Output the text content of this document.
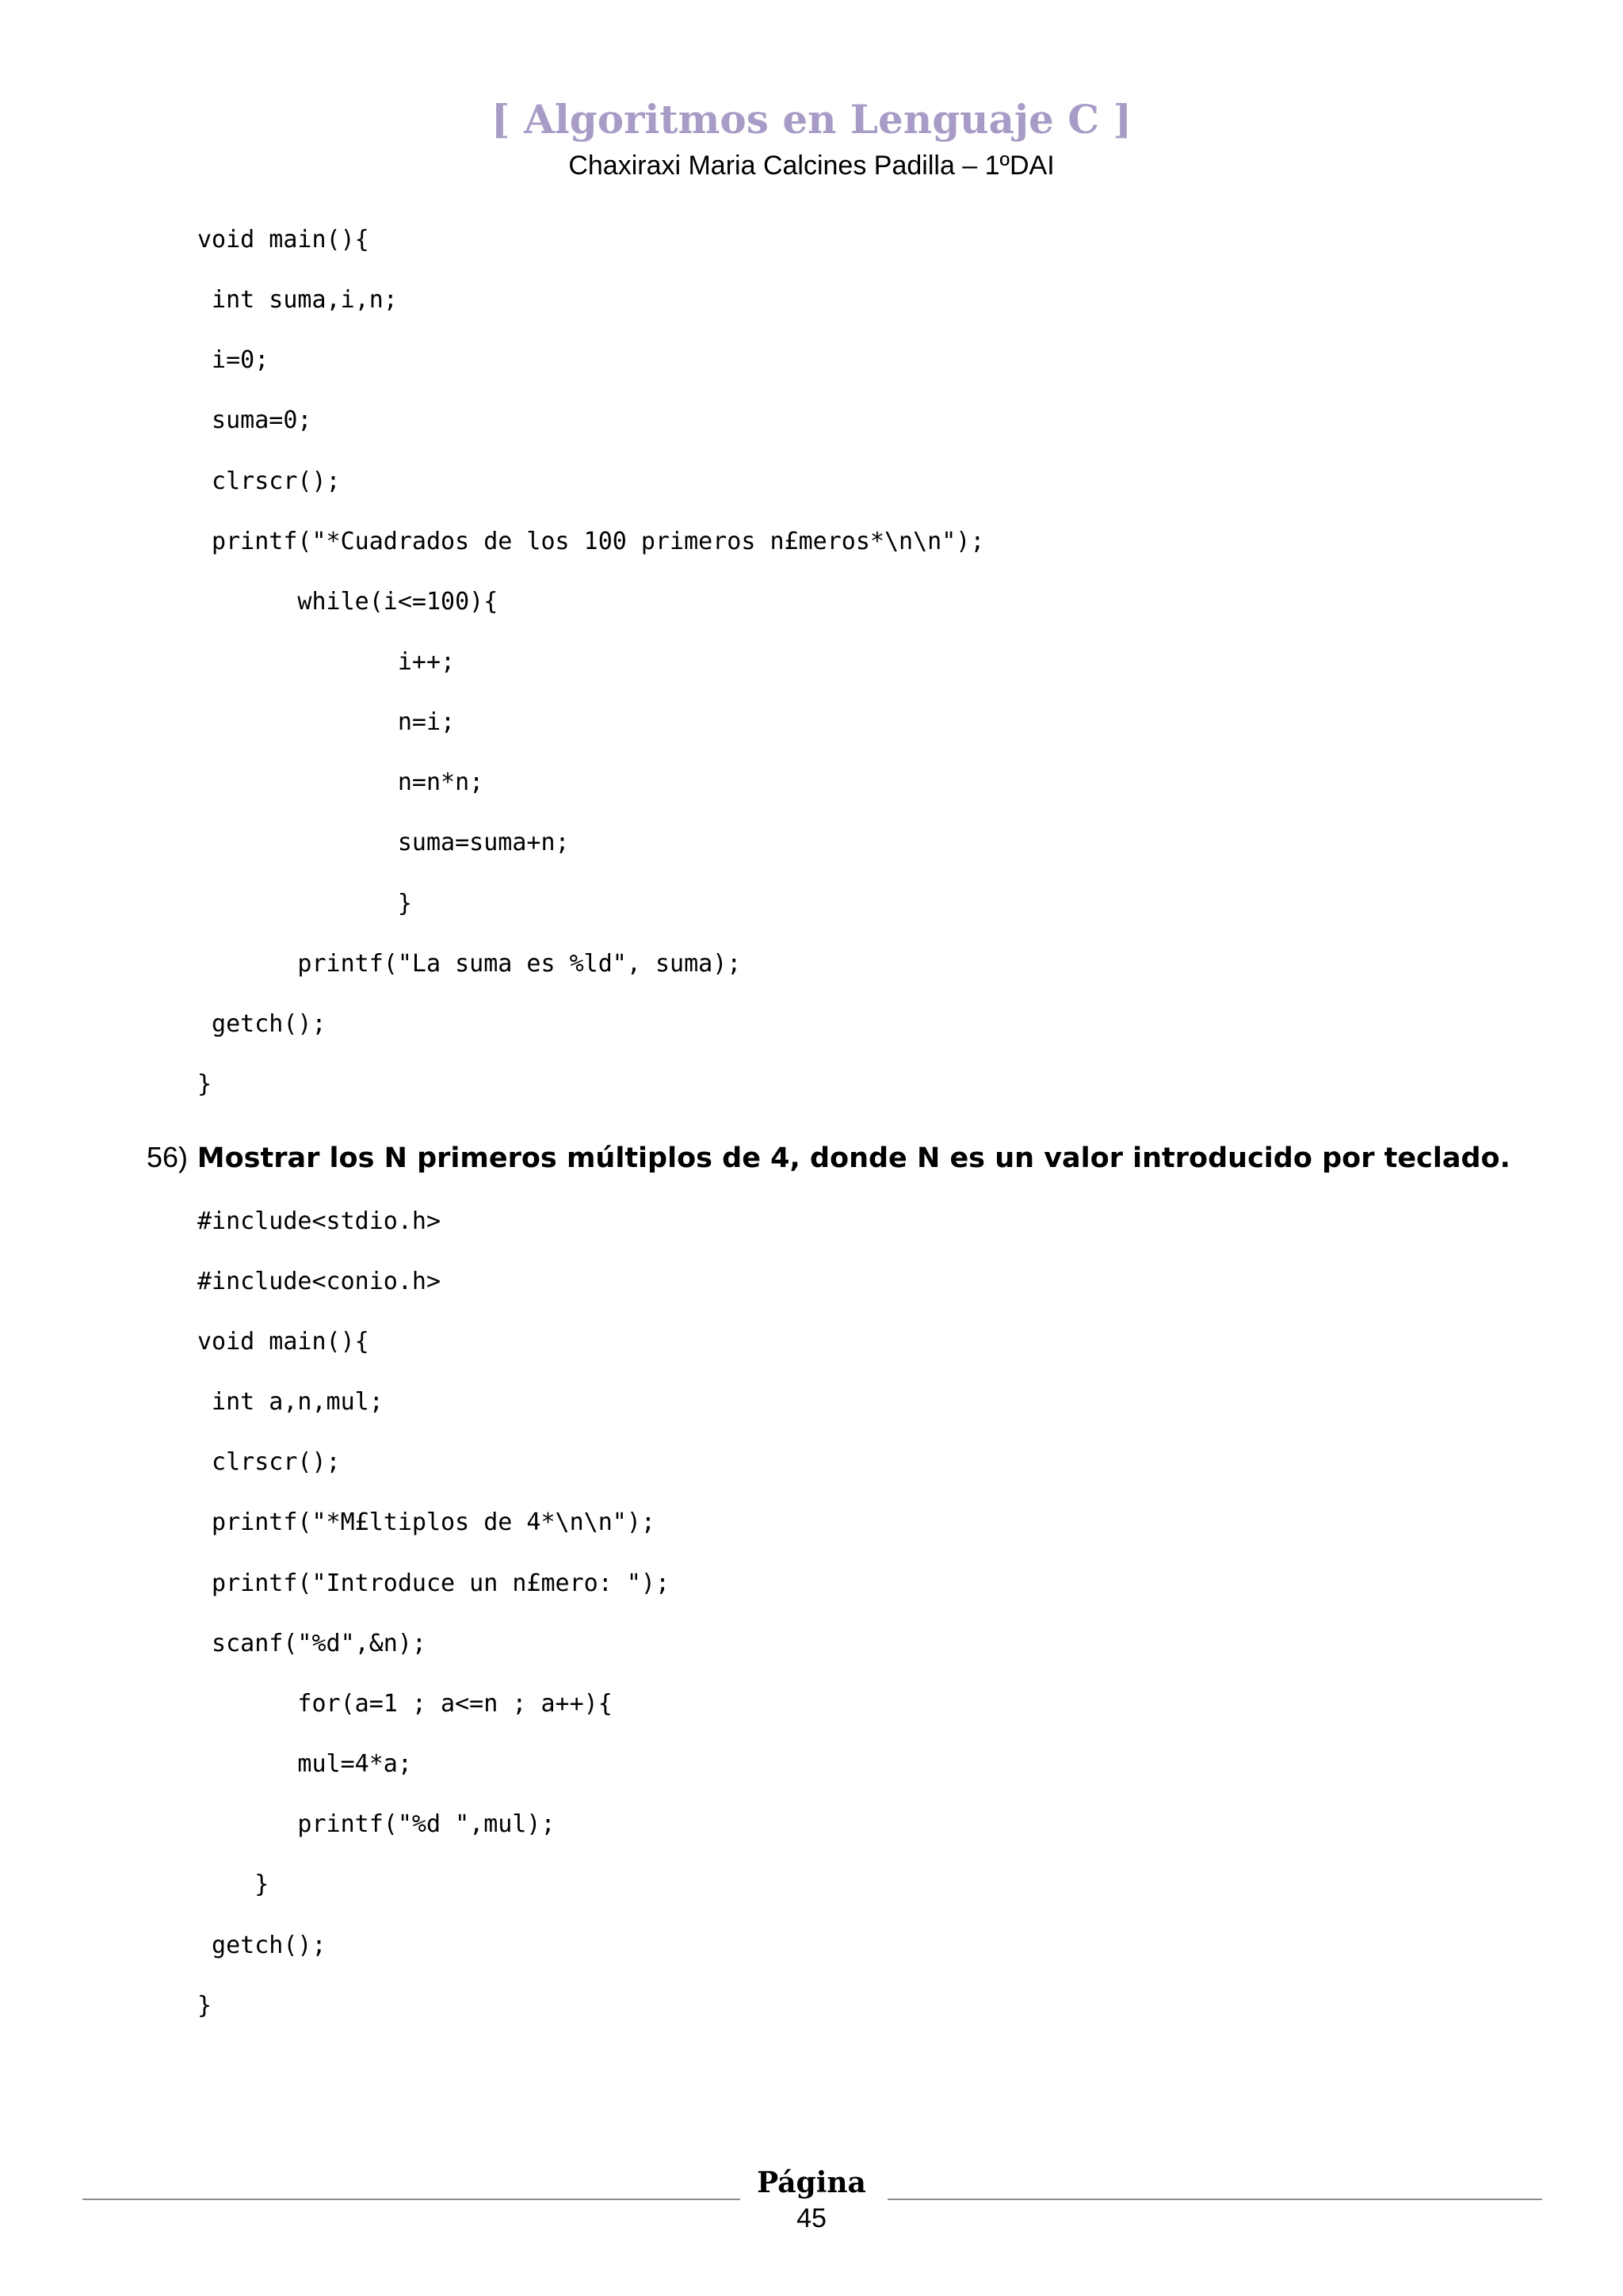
[ Algoritmos en Lenguaje C ]
Chaxiraxi Maria Calcines Padilla – 1ºDAI
void main(){
int suma,i,n;
i=0;
suma=0;
clrscr();
printf("*Cuadrados de los 100 primeros n£meros*\n\n");
while(i<=100){
i++;
n=i;
n=n*n;
suma=suma+n;
}
printf("La suma es %ld", suma);
getch();
}
56) Mostrar los N primeros múltiplos de 4, donde N es un valor introducido por teclado.
#include<stdio.h>
#include<conio.h>
void main(){
int a,n,mul;
clrscr();
printf("*M£ltiplos de 4*\n\n");
printf("Introduce un n£mero: ");
scanf("%d",&n);
for(a=1 ; a<=n ; a++){
mul=4*a;
printf("%d ",mul);
}
getch();
}
Página
45
